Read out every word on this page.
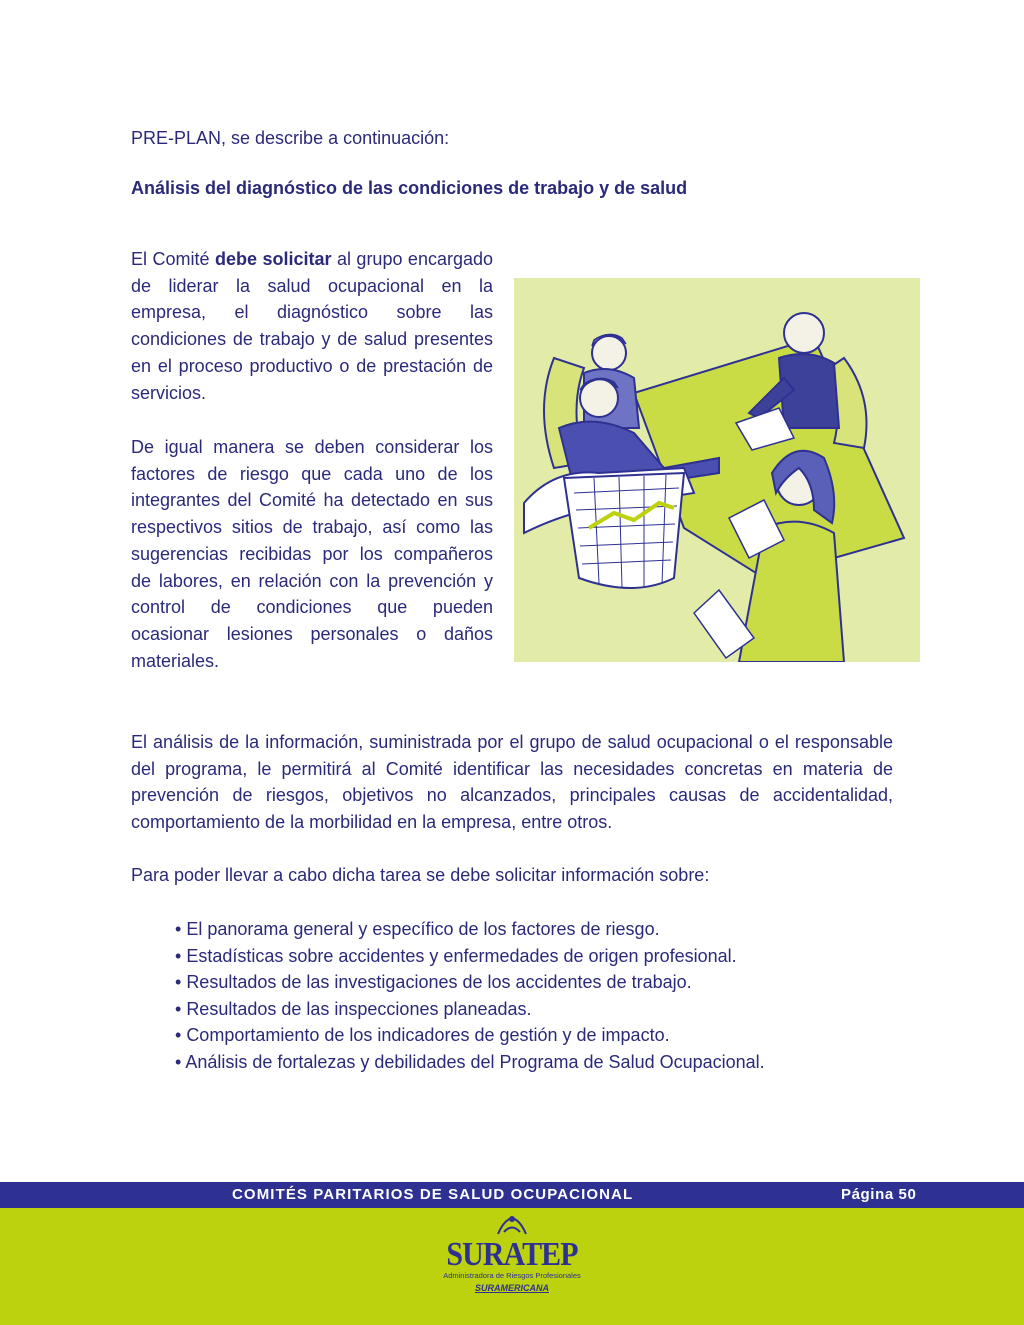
PRE-PLAN, se describe a continuación:

Análisis del diagnóstico de las condiciones de trabajo y de salud

El Comité debe solicitar al grupo encargado de liderar la salud ocupacional en la empresa, el diagnóstico sobre las condiciones de trabajo y de salud presentes en el proceso productivo o de prestación de servicios.

De igual manera se deben considerar los factores de riesgo que cada uno de los integrantes del Comité ha detectado en sus respectivos sitios de trabajo, así como las sugerencias recibidas por los compañeros de labores, en relación con la prevención y control de condiciones que pueden ocasionar lesiones personales o daños materiales.

El análisis de la información, suministrada por el grupo de salud ocupacional o el responsable del programa, le permitirá al Comité identificar las necesidades concretas en materia de prevención de riesgos, objetivos no alcanzados, principales causas de accidentalidad, comportamiento de la morbilidad en la empresa, entre otros.

Para poder llevar a cabo dicha tarea se debe solicitar información sobre:

• El panorama general y específico de los factores de riesgo.
• Estadísticas sobre accidentes y enfermedades de origen profesional.
• Resultados de las investigaciones de los accidentes de trabajo.
• Resultados de las inspecciones planeadas.
• Comportamiento de los indicadores de gestión y de impacto.
• Análisis de fortalezas y debilidades del Programa de Salud Ocupacional.
COMITÉS PARITARIOS DE SALUD OCUPACIONAL	Página 50
SURATEP
Administradora de Riesgos Profesionales
SURAMERICANA
